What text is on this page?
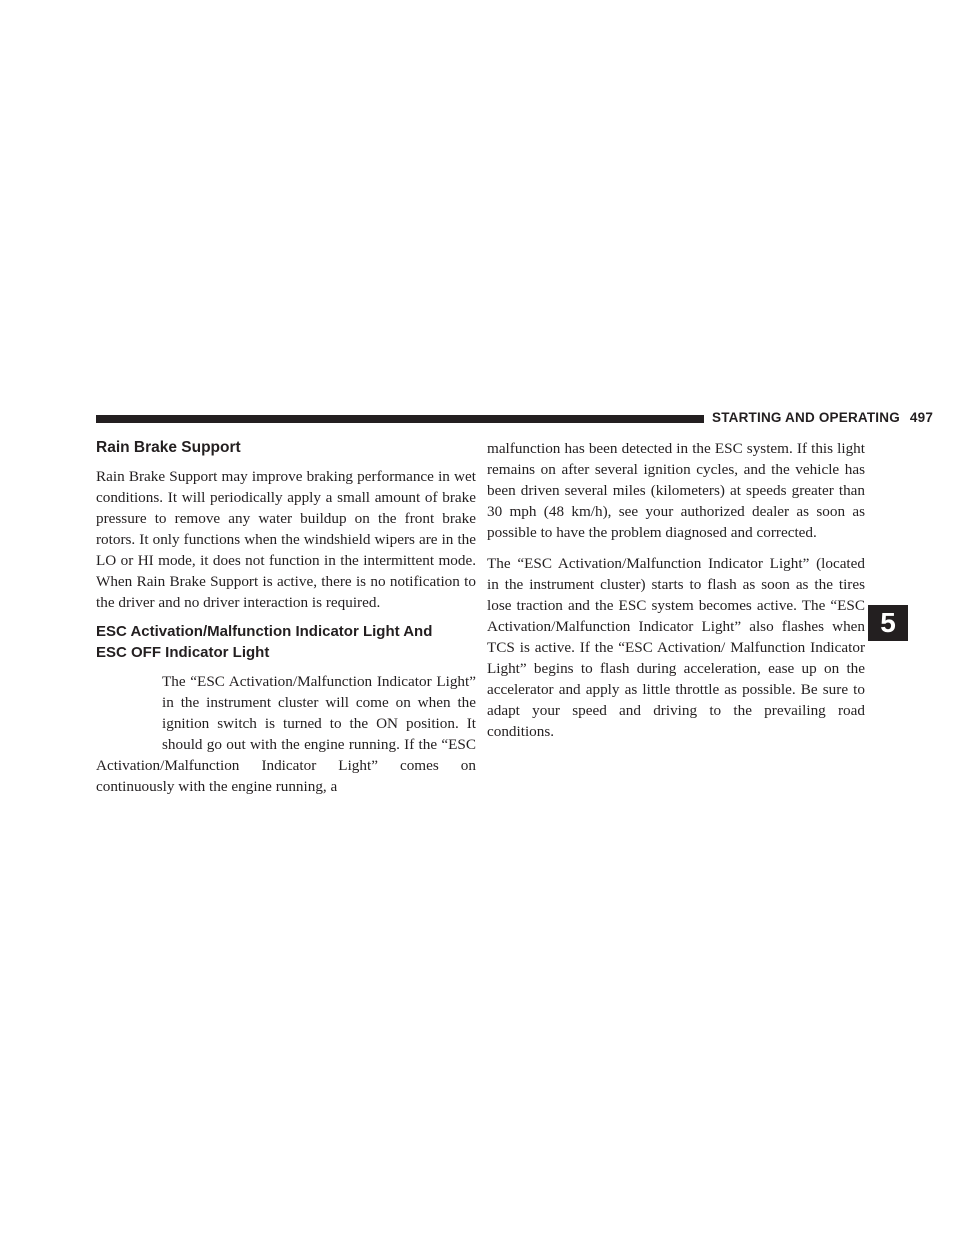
STARTING AND OPERATING 497
Rain Brake Support

Rain Brake Support may improve braking performance in wet conditions. It will periodically apply a small amount of brake pressure to remove any water buildup on the front brake rotors. It only functions when the windshield wipers are in the LO or HI mode, it does not function in the intermittent mode. When Rain Brake Support is active, there is no notification to the driver and no driver interaction is required.

ESC Activation/Malfunction Indicator Light And
ESC OFF Indicator Light

The “ESC Activation/Malfunction Indicator Light” in the instrument cluster will come on when the ignition switch is turned to the ON position. It should go out with the engine running. If the “ESC Activation/Malfunction Indicator Light” comes on continuously with the engine running, a

malfunction has been detected in the ESC system. If this light remains on after several ignition cycles, and the vehicle has been driven several miles (kilometers) at speeds greater than 30 mph (48 km/h), see your authorized dealer as soon as possible to have the problem diagnosed and corrected.

The “ESC Activation/Malfunction Indicator Light” (located in the instrument cluster) starts to flash as soon as the tires lose traction and the ESC system becomes active. The “ESC Activation/Malfunction Indicator Light” also flashes when TCS is active. If the “ESC Activation/ Malfunction Indicator Light” begins to flash during acceleration, ease up on the accelerator and apply as little throttle as possible. Be sure to adapt your speed and driving to the prevailing road conditions.

5
